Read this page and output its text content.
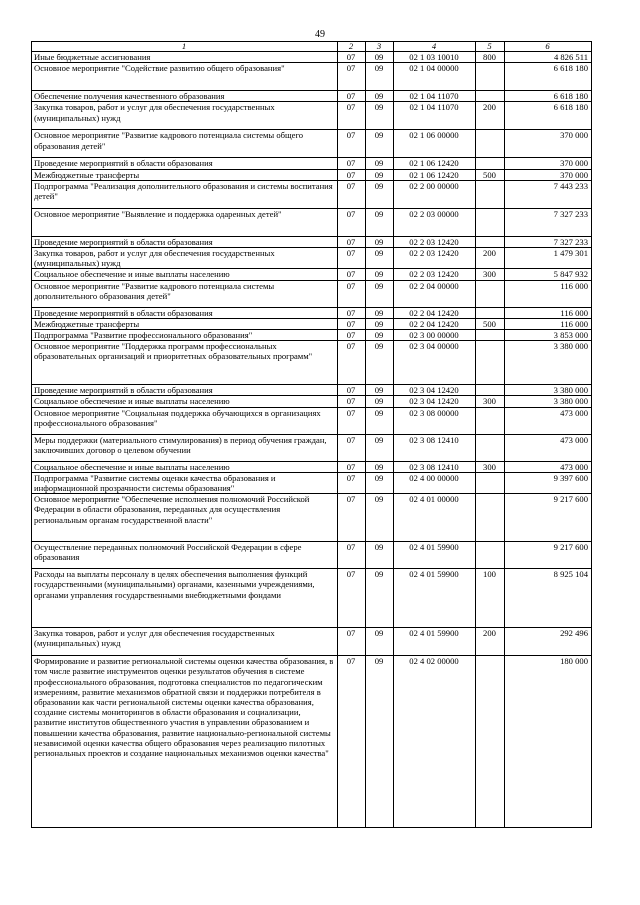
49
1	2	3	4	5	6
Иные бюджетные ассигнования	07	09	02 1 03 10010	800	4 826 511
Основное мероприятие "Содействие развитию общего образования"	07	09	02 1 04 00000		6 618 180
Обеспечение получения качественного образования	07	09	02 1 04 11070		6 618 180
Закупка товаров, работ и услуг для обеспечения государственных (муниципальных) нужд	07	09	02 1 04 11070	200	6 618 180
Основное мероприятие "Развитие кадрового потенциала системы общего образования детей"	07	09	02 1 06 00000		370 000
Проведение мероприятий в области образования	07	09	02 1 06 12420		370 000
Межбюджетные трансферты	07	09	02 1 06 12420	500	370 000
Подпрограмма "Реализация дополнительного образования и системы воспитания детей"	07	09	02 2 00 00000		7 443 233
Основное мероприятие "Выявление и поддержка одаренных детей"	07	09	02 2 03 00000		7 327 233
Проведение мероприятий в области образования	07	09	02 2 03 12420		7 327 233
Закупка товаров, работ и услуг для обеспечения государственных (муниципальных) нужд	07	09	02 2 03 12420	200	1 479 301
Социальное обеспечение и иные выплаты населению	07	09	02 2 03 12420	300	5 847 932
Основное мероприятие "Развитие кадрового потенциала системы дополнительного образования детей"	07	09	02 2 04 00000		116 000
Проведение мероприятий в области образования	07	09	02 2 04 12420		116 000
Межбюджетные трансферты	07	09	02 2 04 12420	500	116 000
Подпрограмма "Развитие профессионального образования"	07	09	02 3 00 00000		3 853 000
Основное мероприятие "Поддержка программ профессиональных образовательных организаций и приоритетных образовательных программ"	07	09	02 3 04 00000		3 380 000
Проведение мероприятий в области образования	07	09	02 3 04 12420		3 380 000
Социальное обеспечение и иные выплаты населению	07	09	02 3 04 12420	300	3 380 000
Основное мероприятие "Социальная поддержка обучающихся в организациях профессионального образования"	07	09	02 3 08 00000		473 000
Меры поддержки (материального стимулирования) в период обучения граждан, заключивших договор о целевом обучении	07	09	02 3 08 12410		473 000
Социальное обеспечение и иные выплаты населению	07	09	02 3 08 12410	300	473 000
Подпрограмма "Развитие системы оценки качества образования и информационной прозрачности системы образования"	07	09	02 4 00 00000		9 397 600
Основное мероприятие "Обеспечение исполнения полномочий Российской Федерации в области образования, переданных для осуществления региональным органам государственной власти"	07	09	02 4 01 00000		9 217 600
Осуществление переданных полномочий Российской Федерации в сфере образования	07	09	02 4 01 59900		9 217 600
Расходы на выплаты персоналу в целях обеспечения выполнения функций государственными (муниципальными) органами, казенными учреждениями, органами управления государственными внебюджетными фондами	07	09	02 4 01 59900	100	8 925 104
Закупка товаров, работ и услуг для обеспечения государственных (муниципальных) нужд	07	09	02 4 01 59900	200	292 496
Формирование и развитие региональной системы оценки качества образования, в том числе развитие инструментов оценки результатов обучения в системе профессионального образования, подготовка специалистов по педагогическим измерениям, развитие механизмов обратной связи и поддержки потребителя в образовании как части региональной системы оценки качества образования, создание системы мониторингов в области образования и социализации, развитие институтов общественного участия в управлении образованием и повышении качества образования, развитие национально-региональной системы независимой оценки качества общего образования через реализацию пилотных региональных проектов и создание национальных механизмов оценки качества"	07	09	02 4 02 00000		180 000
